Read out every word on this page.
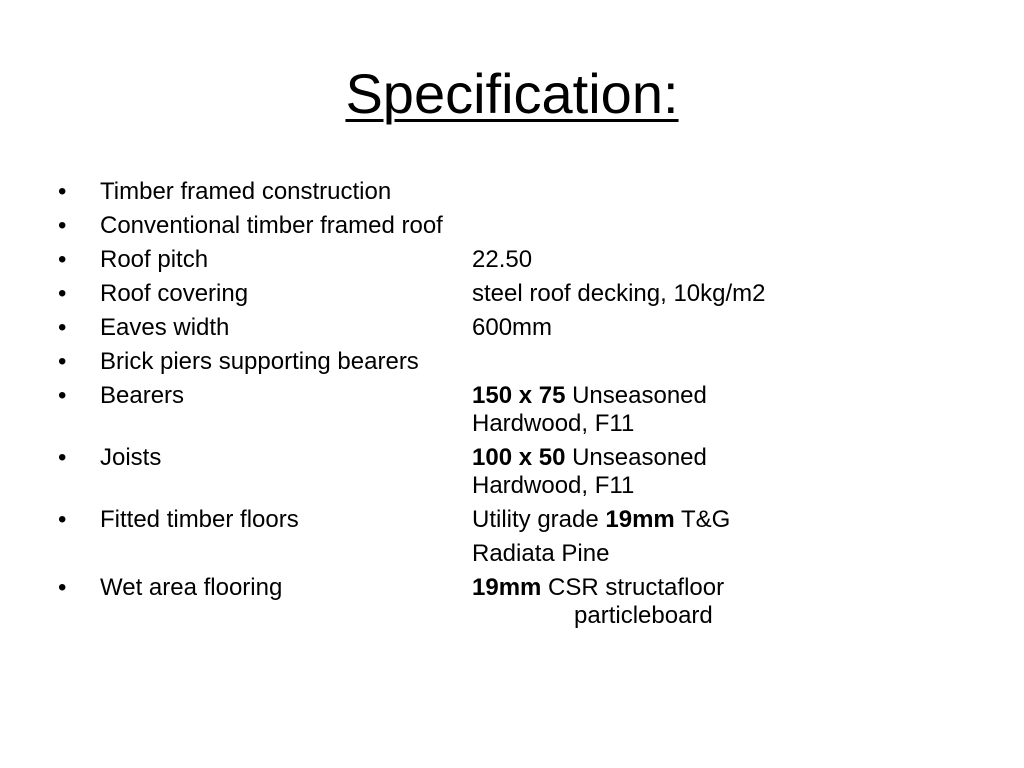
Specification:
•	Timber framed construction
•	Conventional timber framed roof
•	Roof pitch	22.50
•	Roof covering	steel roof decking, 10kg/m2
•	Eaves width	600mm
•	Brick piers supporting bearers
•	Bearers	150 x 75 Unseasoned
Hardwood, F11
•	Joists	100 x 50 Unseasoned
Hardwood, F11
•	Fitted timber floors	Utility grade 19mm T&G
Radiata Pine
•	Wet area flooring	19mm CSR structafloor
particleboard
